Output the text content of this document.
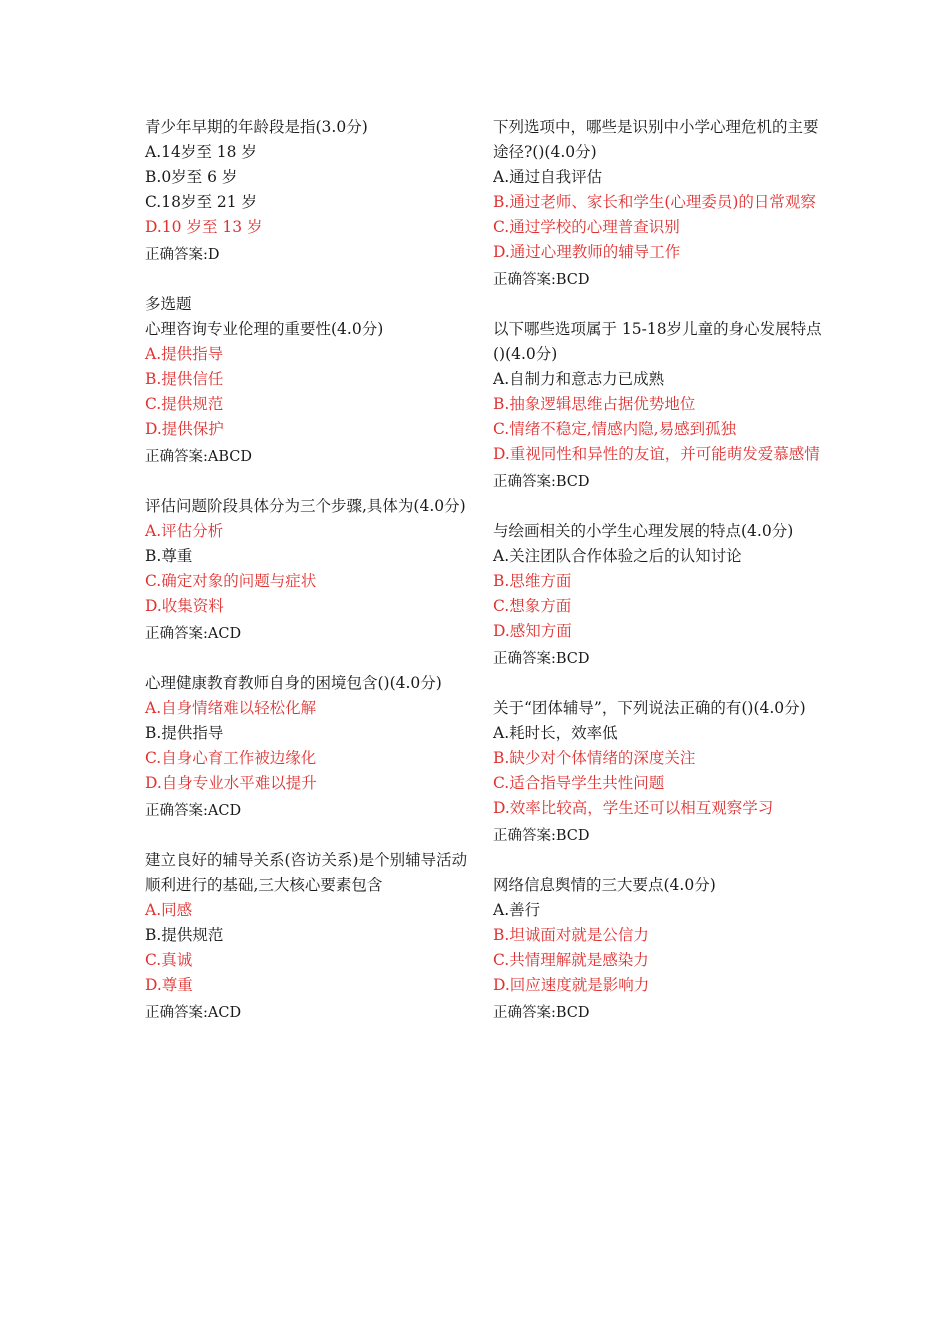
青少年早期的年龄段是指(3.0分)
A.14岁至 18 岁
B.0岁至 6 岁
C.18岁至 21 岁
D.10 岁至 13 岁
正确答案:D
多选题
心理咨询专业伦理的重要性(4.0分)
A.提供指导
B.提供信任
C.提供规范
D.提供保护
正确答案:ABCD
评估问题阶段具体分为三个步骤,具体为(4.0分)
A.评估分析
B.尊重
C.确定对象的问题与症状
D.收集资料
正确答案:ACD
心理健康教育教师自身的困境包含()(4.0分)
A.自身情绪难以轻松化解
B.提供指导
C.自身心育工作被边缘化
D.自身专业水平难以提升
正确答案:ACD
建立良好的辅导关系(咨访关系)是个别辅导活动顺利进行的基础,三大核心要素包含
A.同感
B.提供规范
C.真诚
D.尊重
正确答案:ACD
下列选项中，哪些是识别中小学心理危机的主要途径?()(4.0分)
A.通过自我评估
B.通过老师、家长和学生(心理委员)的日常观察
C.通过学校的心理普查识别
D.通过心理教师的辅导工作
正确答案:BCD
以下哪些选项属于 15-18岁儿童的身心发展特点()(4.0分)
A.自制力和意志力已成熟
B.抽象逻辑思维占据优势地位
C.情绪不稳定,情感内隐,易感到孤独
D.重视同性和异性的友谊，并可能萌发爱慕感情
正确答案:BCD
与绘画相关的小学生心理发展的特点(4.0分)
A.关注团队合作体验之后的认知讨论
B.思维方面
C.想象方面
D.感知方面
正确答案:BCD
关于“团体辅导”，下列说法正确的有()(4.0分)
A.耗时长，效率低
B.缺少对个体情绪的深度关注
C.适合指导学生共性问题
D.效率比较高，学生还可以相互观察学习
正确答案:BCD
网络信息舆情的三大要点(4.0分)
A.善行
B.坦诚面对就是公信力
C.共情理解就是感染力
D.回应速度就是影响力
正确答案:BCD
